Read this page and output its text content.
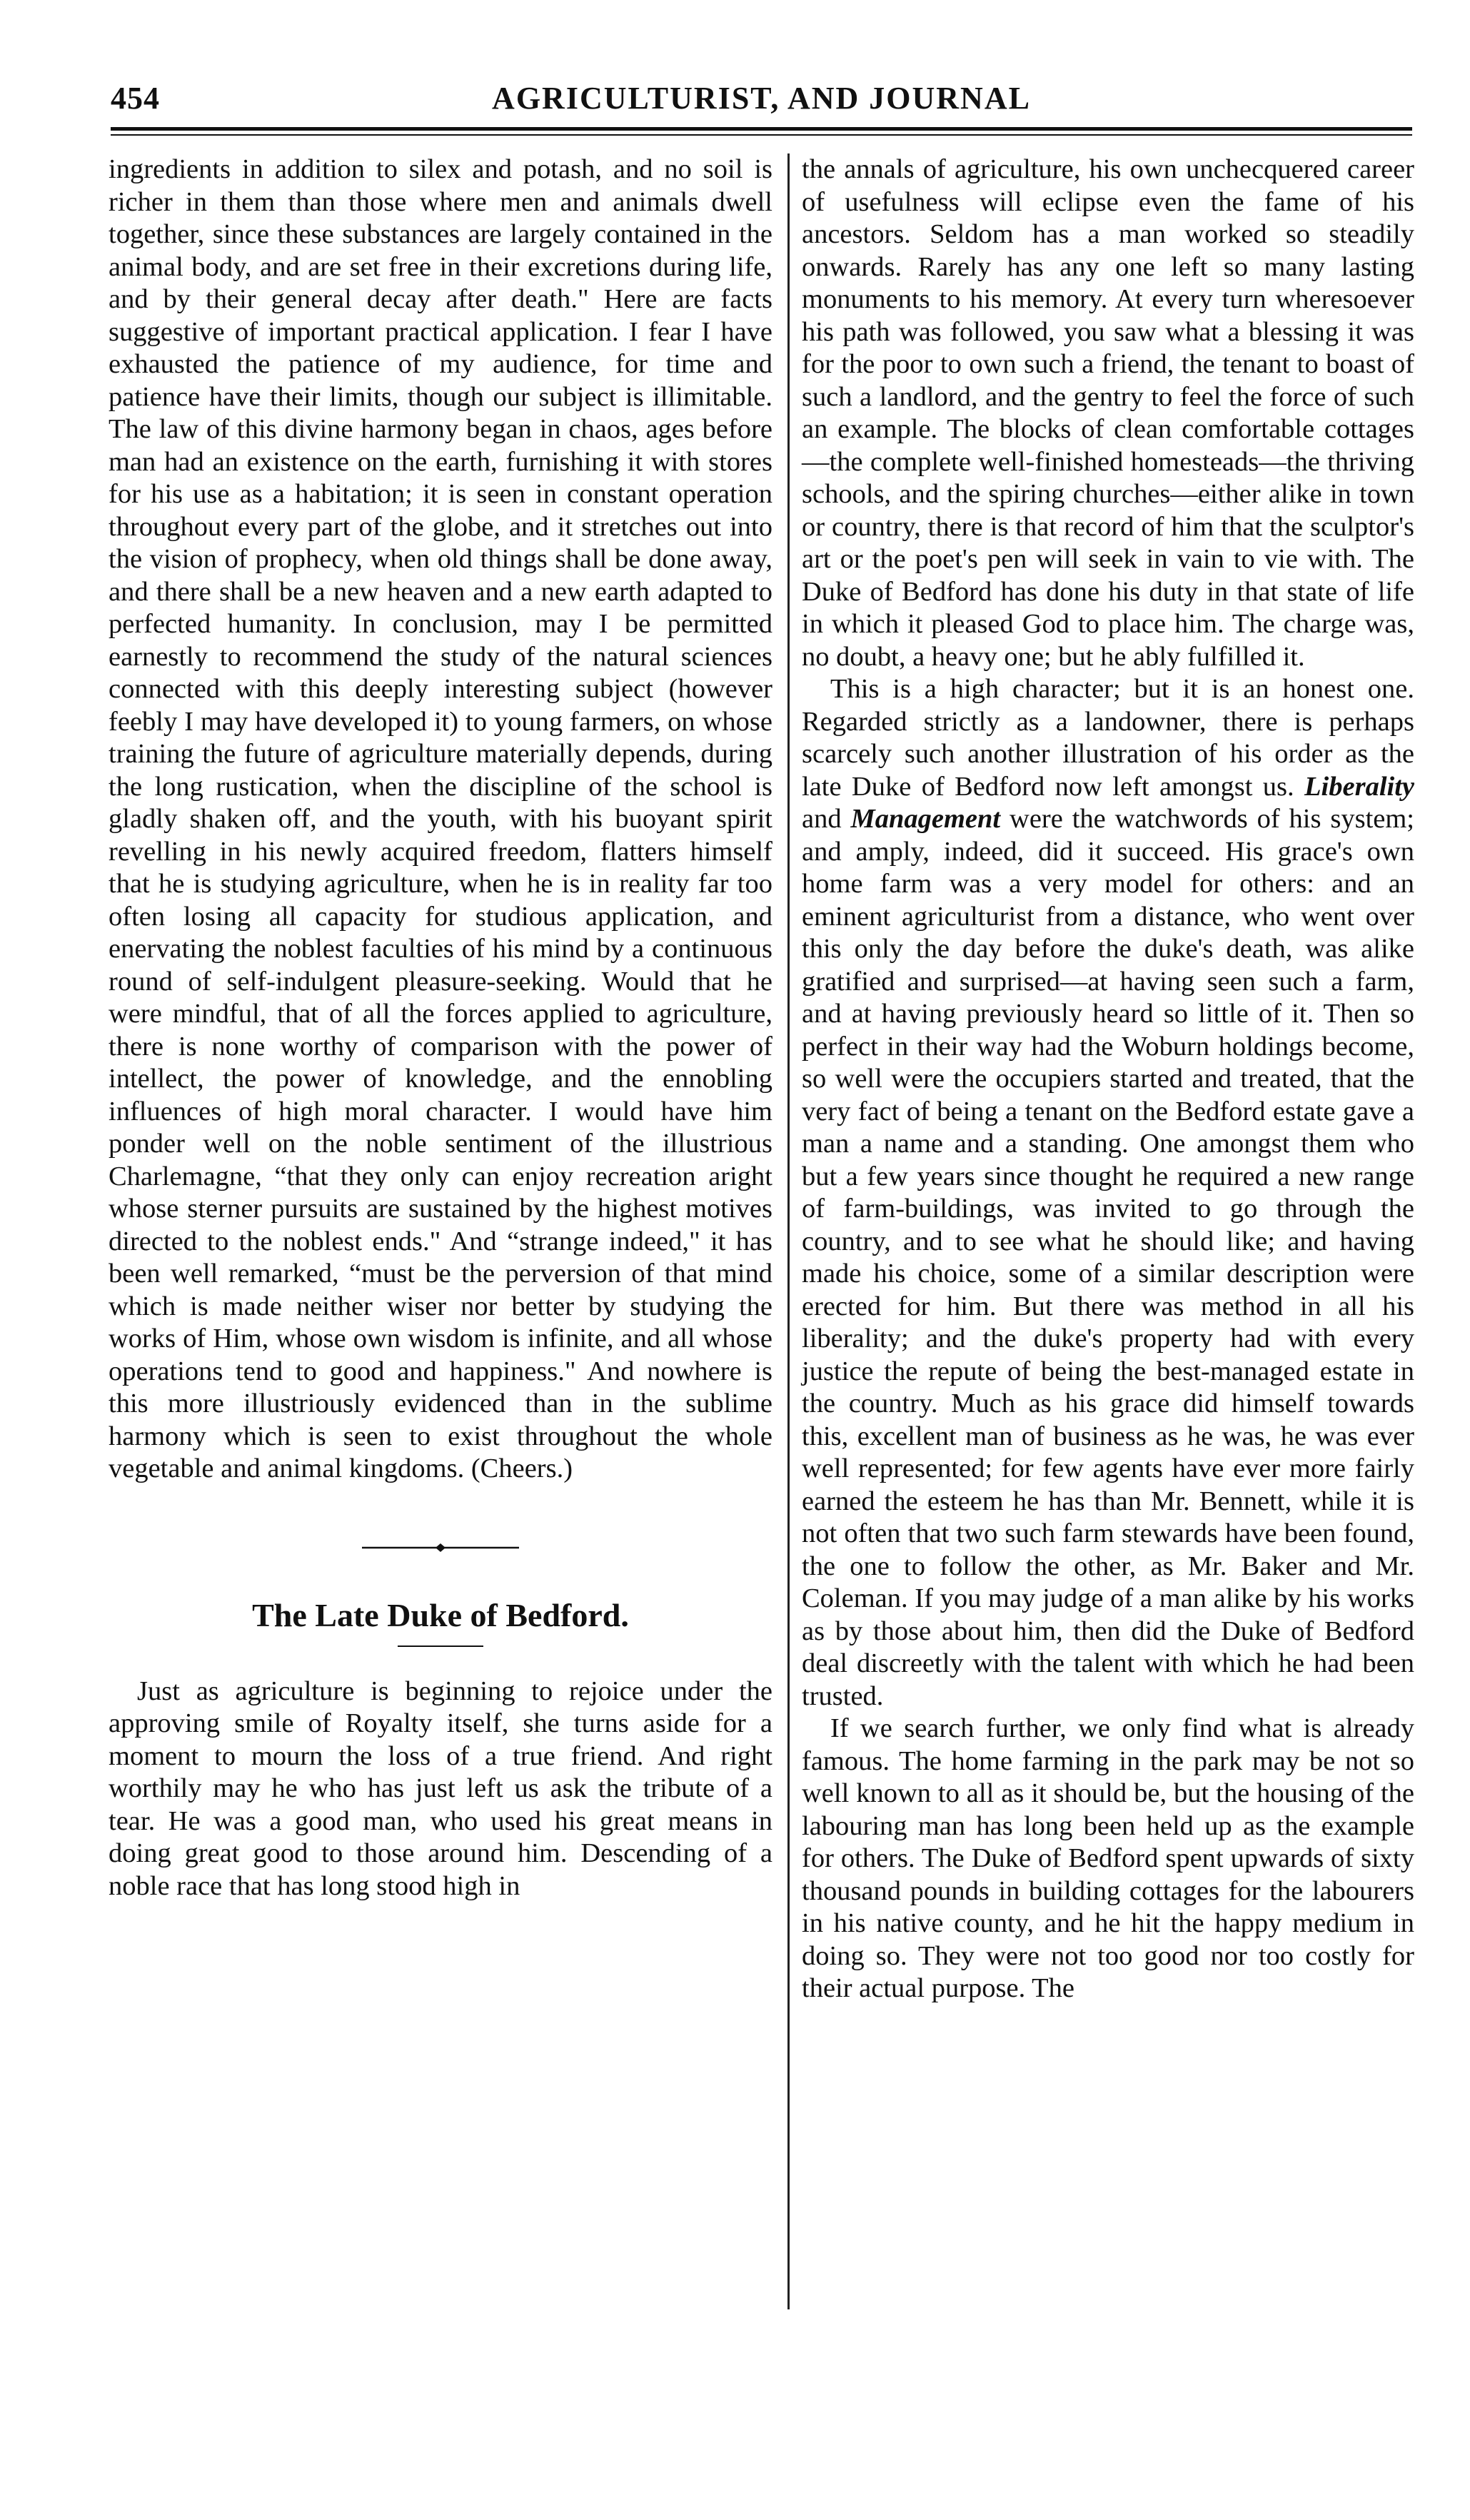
454	AGRICULTURIST, AND JOURNAL

ingredients in addition to silex and potash, and no soil is richer in them than those where men and animals dwell together, since these substances are largely contained in the animal body, and are set free in their excretions during life, and by their general decay after death." Here are facts suggestive of important practical application. I fear I have exhausted the patience of my audience, for time and patience have their limits, though our subject is illimitable. The law of this divine harmony began in chaos, ages before man had an existence on the earth, furnishing it with stores for his use as a habitation; it is seen in constant operation throughout every part of the globe, and it stretches out into the vision of prophecy, when old things shall be done away, and there shall be a new heaven and a new earth adapted to perfected humanity. In conclusion, may I be permitted earnestly to recommend the study of the natural sciences connected with this deeply interesting subject (however feebly I may have developed it) to young farmers, on whose training the future of agriculture materially depends, during the long rustication, when the discipline of the school is gladly shaken off, and the youth, with his buoyant spirit revelling in his newly acquired freedom, flatters himself that he is studying agriculture, when he is in reality far too often losing all capacity for studious application, and enervating the noblest faculties of his mind by a continuous round of self-indulgent pleasure-seeking. Would that he were mindful, that of all the forces applied to agriculture, there is none worthy of comparison with the power of intellect, the power of knowledge, and the ennobling influences of high moral character. I would have him ponder well on the noble sentiment of the illustrious Charlemagne, “that they only can enjoy recreation aright whose sterner pursuits are sustained by the highest motives directed to the noblest ends." And “strange indeed," it has been well remarked, “must be the perversion of that mind which is made neither wiser nor better by studying the works of Him, whose own wisdom is infinite, and all whose operations tend to good and happiness." And nowhere is this more illustriously evidenced than in the sublime harmony which is seen to exist throughout the whole vegetable and animal kingdoms. (Cheers.)

The Late Duke of Bedford.

Just as agriculture is beginning to rejoice under the approving smile of Royalty itself, she turns aside for a moment to mourn the loss of a true friend. And right worthily may he who has just left us ask the tribute of a tear. He was a good man, who used his great means in doing great good to those around him. Descending of a noble race that has long stood high in

the annals of agriculture, his own unchecquered career of usefulness will eclipse even the fame of his ancestors. Seldom has a man worked so steadily onwards. Rarely has any one left so many lasting monuments to his memory. At every turn wheresoever his path was followed, you saw what a blessing it was for the poor to own such a friend, the tenant to boast of such a landlord, and the gentry to feel the force of such an example. The blocks of clean comfortable cottages—the complete well-finished homesteads—the thriving schools, and the spiring churches—either alike in town or country, there is that record of him that the sculptor's art or the poet's pen will seek in vain to vie with. The Duke of Bedford has done his duty in that state of life in which it pleased God to place him. The charge was, no doubt, a heavy one; but he ably fulfilled it.

This is a high character; but it is an honest one. Regarded strictly as a landowner, there is perhaps scarcely such another illustration of his order as the late Duke of Bedford now left amongst us. Liberality and Management were the watchwords of his system; and amply, indeed, did it succeed. His grace's own home farm was a very model for others: and an eminent agriculturist from a distance, who went over this only the day before the duke's death, was alike gratified and surprised—at having seen such a farm, and at having previously heard so little of it. Then so perfect in their way had the Woburn holdings become, so well were the occupiers started and treated, that the very fact of being a tenant on the Bedford estate gave a man a name and a standing. One amongst them who but a few years since thought he required a new range of farm-buildings, was invited to go through the country, and to see what he should like; and having made his choice, some of a similar description were erected for him. But there was method in all his liberality; and the duke's property had with every justice the repute of being the best-managed estate in the country. Much as his grace did himself towards this, excellent man of business as he was, he was ever well represented; for few agents have ever more fairly earned the esteem he has than Mr. Bennett, while it is not often that two such farm stewards have been found, the one to follow the other, as Mr. Baker and Mr. Coleman. If you may judge of a man alike by his works as by those about him, then did the Duke of Bedford deal discreetly with the talent with which he had been trusted.

If we search further, we only find what is already famous. The home farming in the park may be not so well known to all as it should be, but the housing of the labouring man has long been held up as the example for others. The Duke of Bedford spent upwards of sixty thousand pounds in building cottages for the labourers in his native county, and he hit the happy medium in doing so. They were not too good nor too costly for their actual purpose. The
